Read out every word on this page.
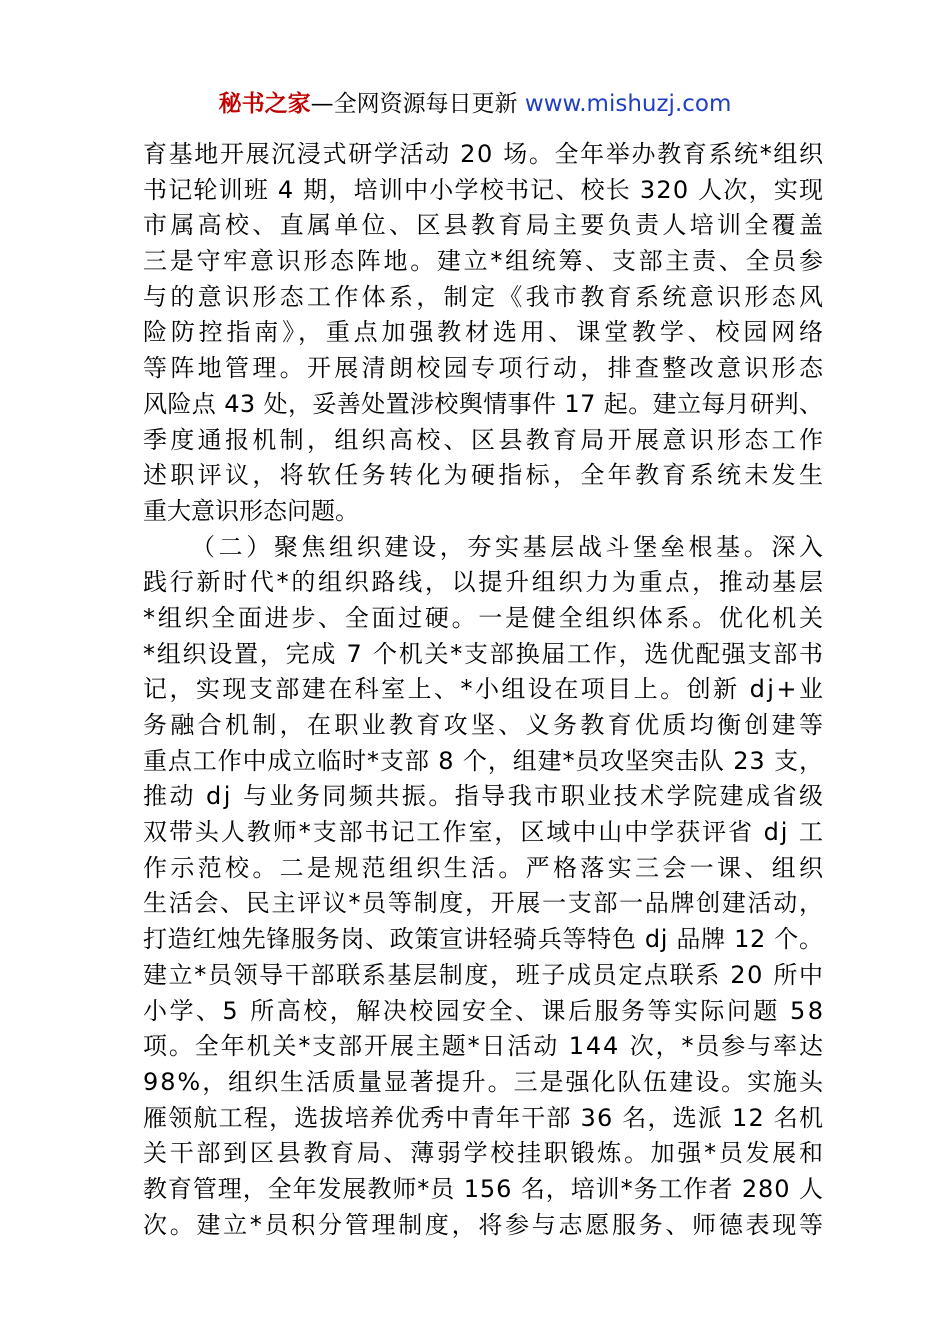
秘书之家—全网资源每日更新 www.mishuzj.com
育基地开展沉浸式研学活动 20 场。全年举办教育系统*组织
书记轮训班 4 期，培训中小学校书记、校长 320 人次，实现
市属高校、直属单位、区县教育局主要负责人培训全覆盖
三是守牢意识形态阵地。建立*组统筹、支部主责、全员参
与的意识形态工作体系，制定《我市教育系统意识形态风
险防控指南》，重点加强教材选用、课堂教学、校园网络
等阵地管理。开展清朗校园专项行动，排查整改意识形态
风险点 43 处，妥善处置涉校舆情事件 17 起。建立每月研判、
季度通报机制，组织高校、区县教育局开展意识形态工作
述职评议，将软任务转化为硬指标，全年教育系统未发生
重大意识形态问题。
（二）聚焦组织建设，夯实基层战斗堡垒根基。深入
践行新时代*的组织路线，以提升组织力为重点，推动基层
*组织全面进步、全面过硬。一是健全组织体系。优化机关
*组织设置，完成 7 个机关*支部换届工作，选优配强支部书
记，实现支部建在科室上、*小组设在项目上。创新 dj+业
务融合机制，在职业教育攻坚、义务教育优质均衡创建等
重点工作中成立临时*支部 8 个，组建*员攻坚突击队 23 支，
推动 dj 与业务同频共振。指导我市职业技术学院建成省级
双带头人教师*支部书记工作室，区域中山中学获评省 dj 工
作示范校。二是规范组织生活。严格落实三会一课、组织
生活会、民主评议*员等制度，开展一支部一品牌创建活动，
打造红烛先锋服务岗、政策宣讲轻骑兵等特色 dj 品牌 12 个。
建立*员领导干部联系基层制度，班子成员定点联系 20 所中
小学、5 所高校，解决校园安全、课后服务等实际问题 58
项。全年机关*支部开展主题*日活动 144 次，*员参与率达
98%，组织生活质量显著提升。三是强化队伍建设。实施头
雁领航工程，选拔培养优秀中青年干部 36 名，选派 12 名机
关干部到区县教育局、薄弱学校挂职锻炼。加强*员发展和
教育管理，全年发展教师*员 156 名，培训*务工作者 280 人
次。建立*员积分管理制度，将参与志愿服务、师德表现等
